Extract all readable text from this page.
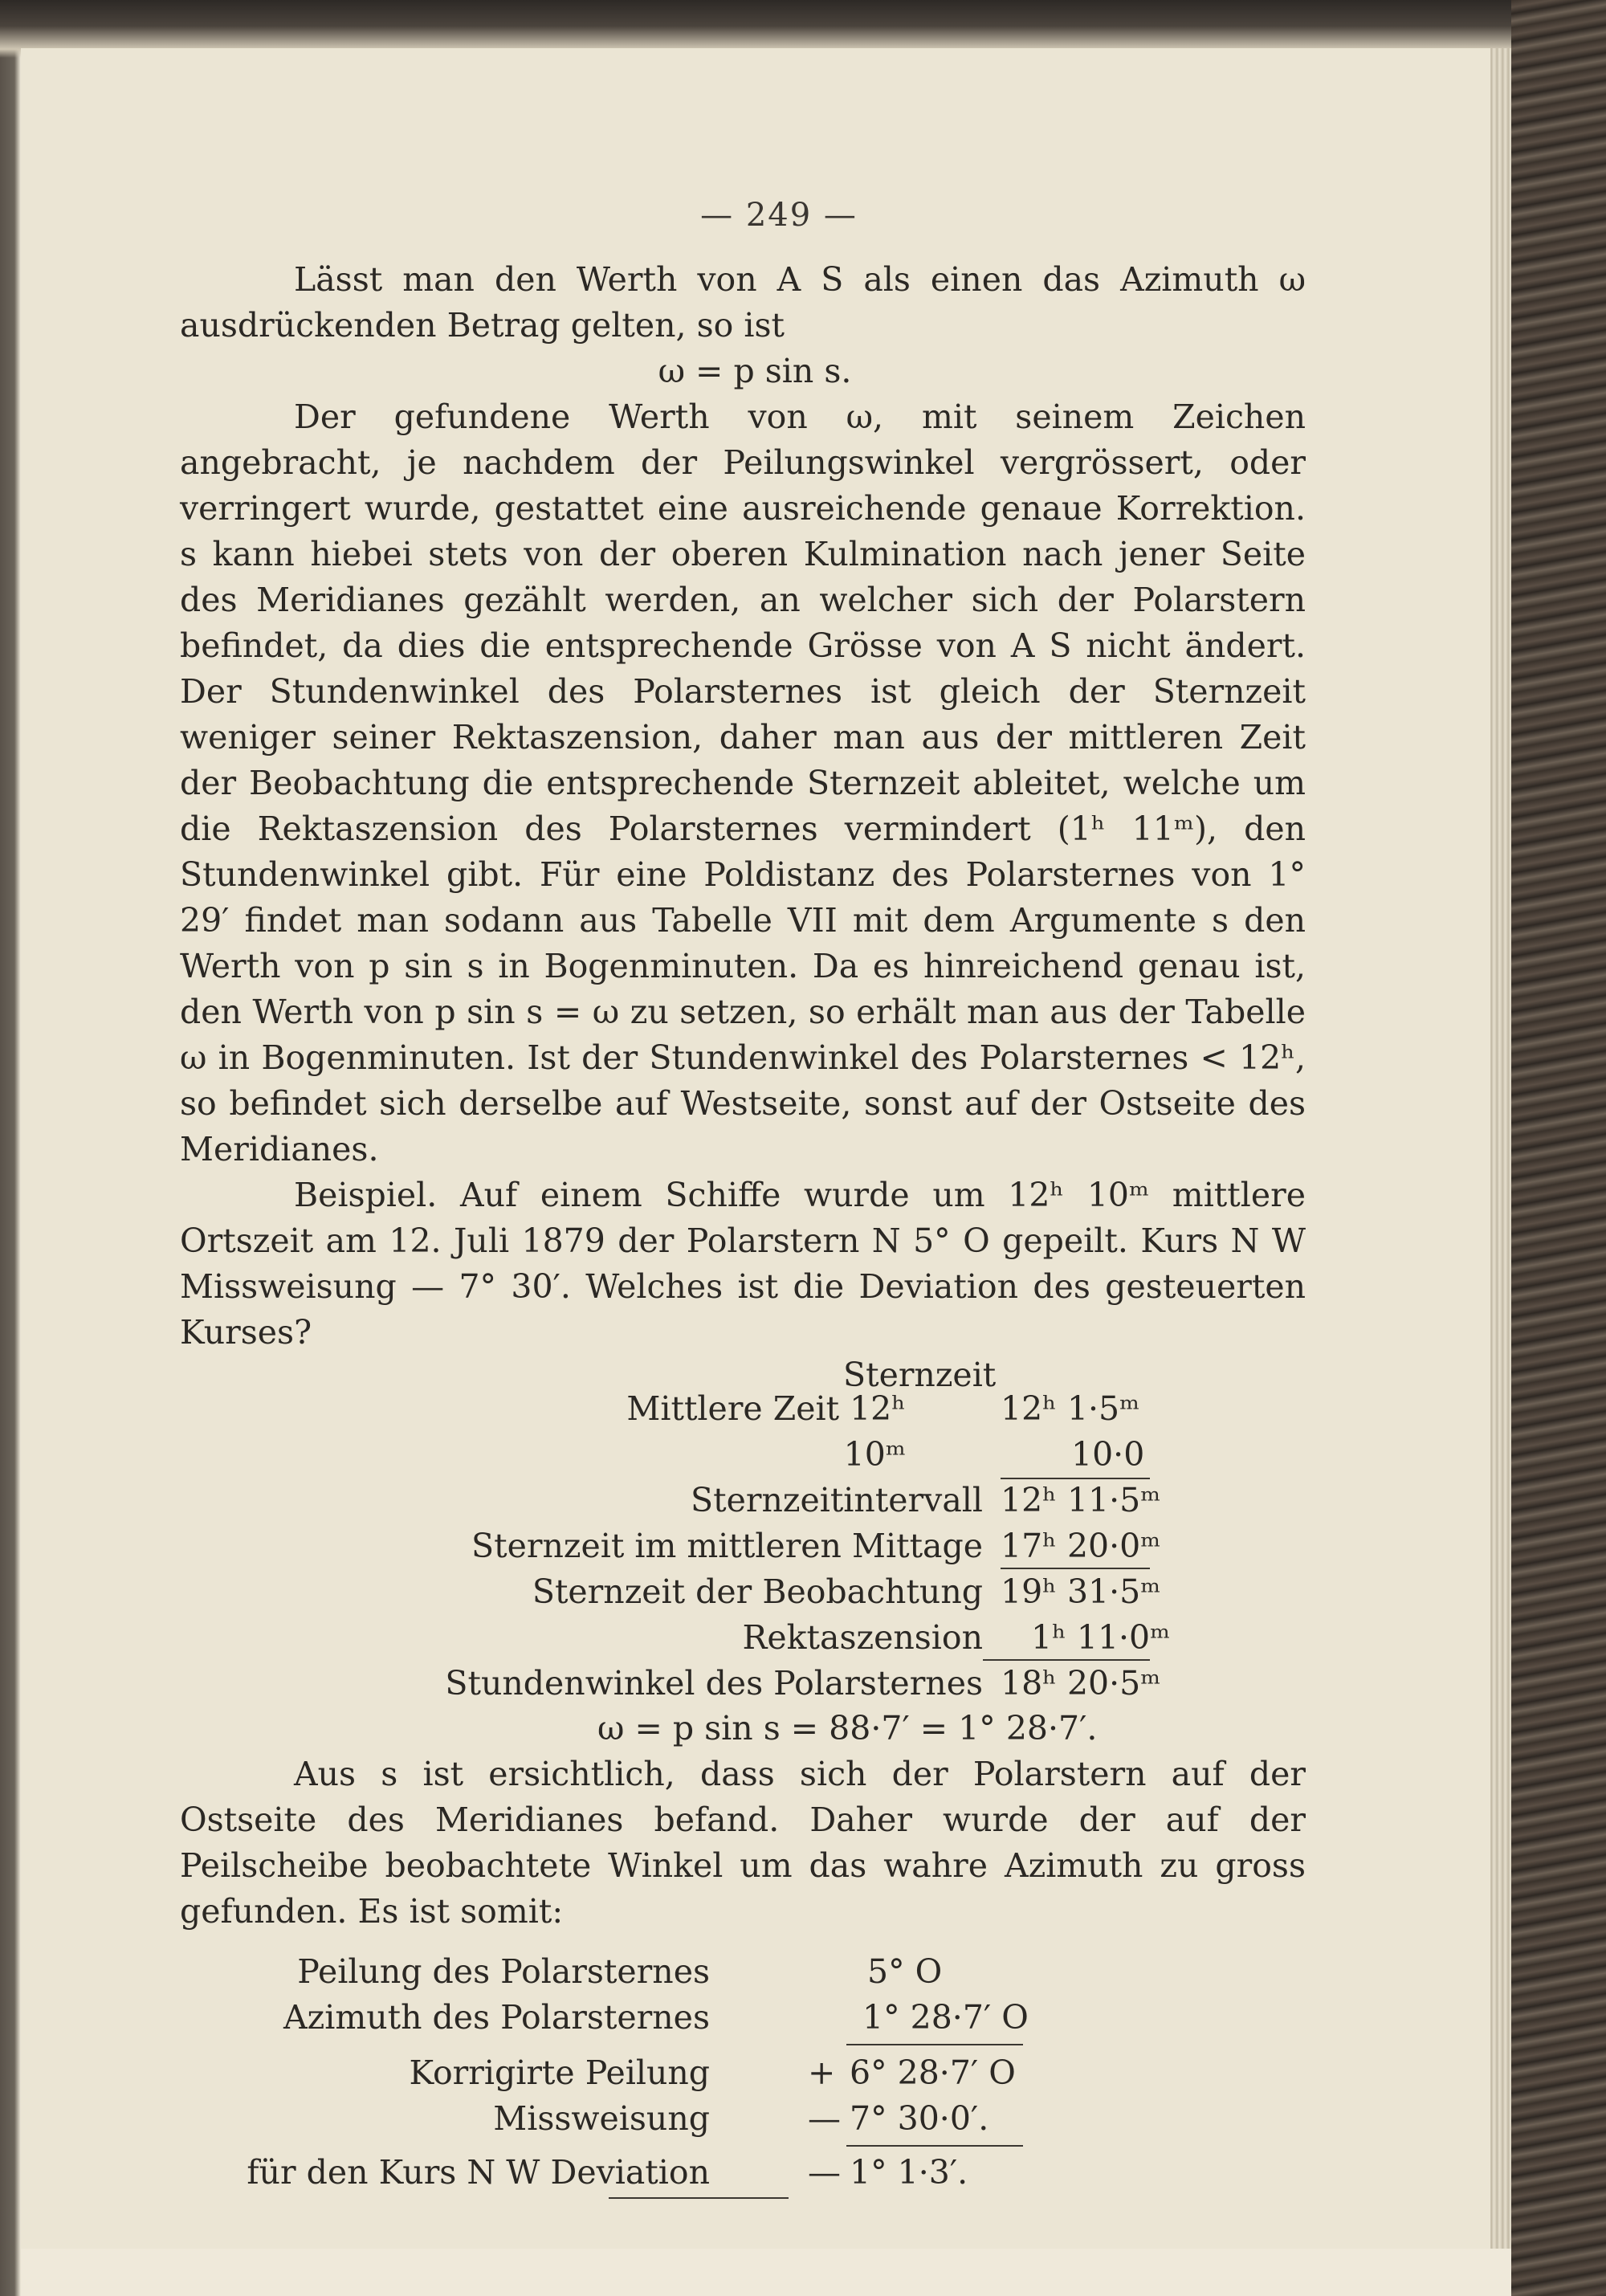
— 249 —

Lässt man den Werth von A S als einen das Azimuth ω ausdrückenden Betrag gelten, so ist

ω = p sin s.

Der gefundene Werth von ω, mit seinem Zeichen angebracht, je nachdem der Peilungswinkel vergrössert, oder verringert wurde, gestattet eine ausreichende genaue Korrektion. s kann hiebei stets von der oberen Kulmination nach jener Seite des Meridianes gezählt werden, an welcher sich der Polarstern befindet, da dies die entsprechende Grösse von A S nicht ändert. Der Stundenwinkel des Polarsternes ist gleich der Sternzeit weniger seiner Rektaszension, daher man aus der mittleren Zeit der Beobachtung die entsprechende Sternzeit ableitet, welche um die Rektaszension des Polarsternes vermindert (1ʰ 11ᵐ), den Stundenwinkel gibt. Für eine Poldistanz des Polarsternes von 1° 29′ findet man sodann aus Tabelle VII mit dem Argumente s den Werth von p sin s in Bogenminuten. Da es hinreichend genau ist, den Werth von p sin s = ω zu setzen, so erhält man aus der Tabelle ω in Bogenminuten. Ist der Stundenwinkel des Polarsternes < 12ʰ, so befindet sich derselbe auf Westseite, sonst auf der Ostseite des Meridianes.

Beispiel. Auf einem Schiffe wurde um 12ʰ 10ᵐ mittlere Ortszeit am 12. Juli 1879 der Polarstern N 5° O gepeilt. Kurs N W Missweisung — 7° 30′. Welches ist die Deviation des gesteuerten Kurses?

Sternzeit
Mittlere Zeit 12ʰ	12ʰ 1·5ᵐ
10ᵐ	10·0
Sternzeitintervall 12ʰ 11·5ᵐ
Sternzeit im mittleren Mittage 17ʰ 20·0ᵐ
Sternzeit der Beobachtung 19ʰ 31·5ᵐ
Rektaszension 1ʰ 11·0ᵐ
Stundenwinkel des Polarsternes 18ʰ 20·5ᵐ
ω = p sin s = 88·7′ = 1° 28·7′.

Aus s ist ersichtlich, dass sich der Polarstern auf der Ostseite des Meridianes befand. Daher wurde der auf der Peilscheibe beobachtete Winkel um das wahre Azimuth zu gross gefunden. Es ist somit:

Peilung des Polarsternes	5° O
Azimuth des Polarsternes	1° 28·7′ O
Korrigirte Peilung	+ 6° 28·7′ O
Missweisung	— 7° 30·0′.
für den Kurs N W Deviation	— 1° 1·3′.
